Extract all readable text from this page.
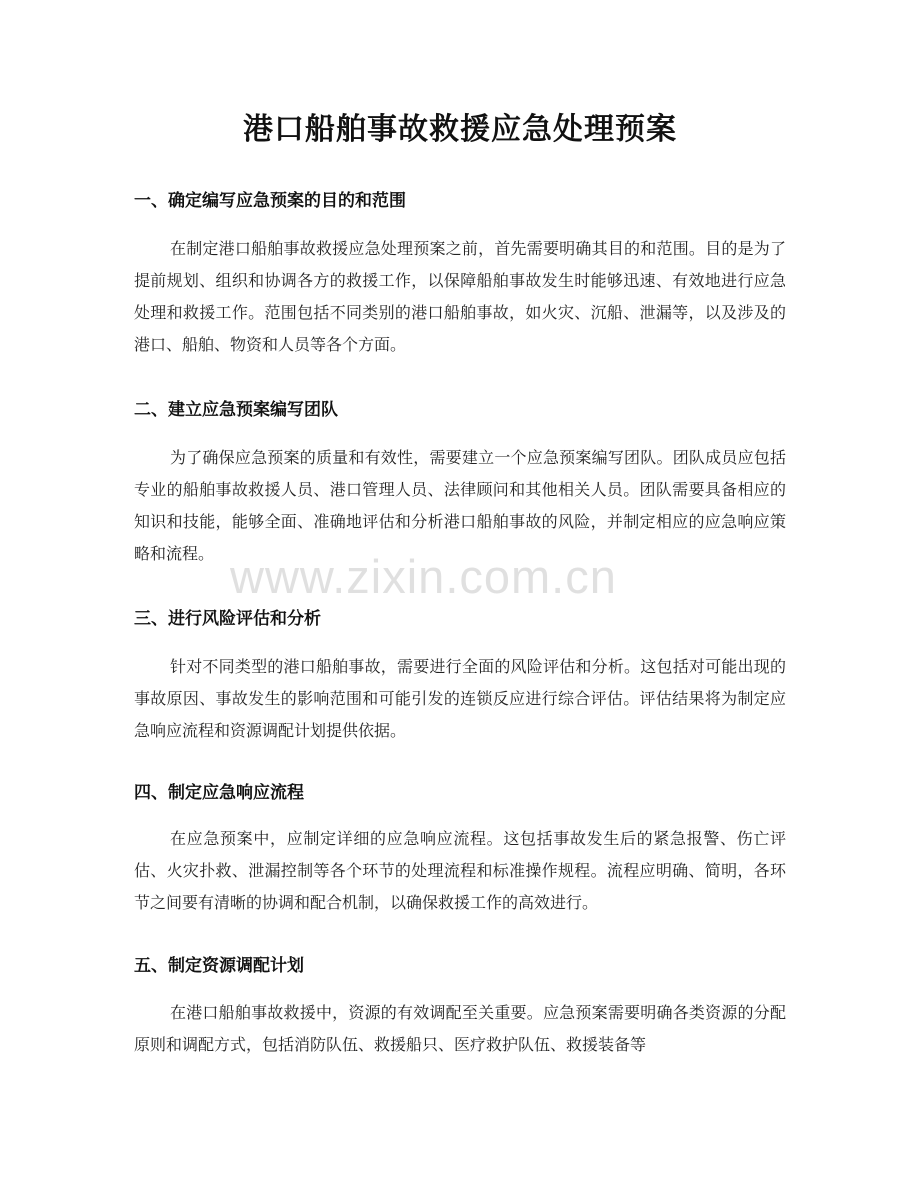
港口船舶事故救援应急处理预案
一、确定编写应急预案的目的和范围

在制定港口船舶事故救援应急处理预案之前，首先需要明确其目的和范围。目的是为了提前规划、组织和协调各方的救援工作，以保障船舶事故发生时能够迅速、有效地进行应急处理和救援工作。范围包括不同类别的港口船舶事故，如火灾、沉船、泄漏等，以及涉及的港口、船舶、物资和人员等各个方面。

二、建立应急预案编写团队

为了确保应急预案的质量和有效性，需要建立一个应急预案编写团队。团队成员应包括专业的船舶事故救援人员、港口管理人员、法律顾问和其他相关人员。团队需要具备相应的知识和技能，能够全面、准确地评估和分析港口船舶事故的风险，并制定相应的应急响应策略和流程。

三、进行风险评估和分析

针对不同类型的港口船舶事故，需要进行全面的风险评估和分析。这包括对可能出现的事故原因、事故发生的影响范围和可能引发的连锁反应进行综合评估。评估结果将为制定应急响应流程和资源调配计划提供依据。

四、制定应急响应流程

在应急预案中，应制定详细的应急响应流程。这包括事故发生后的紧急报警、伤亡评估、火灾扑救、泄漏控制等各个环节的处理流程和标准操作规程。流程应明确、简明，各环节之间要有清晰的协调和配合机制，以确保救援工作的高效进行。

五、制定资源调配计划

在港口船舶事故救援中，资源的有效调配至关重要。应急预案需要明确各类资源的分配原则和调配方式，包括消防队伍、救援船只、医疗救护队伍、救援装备等

www.zixin.com.cn
